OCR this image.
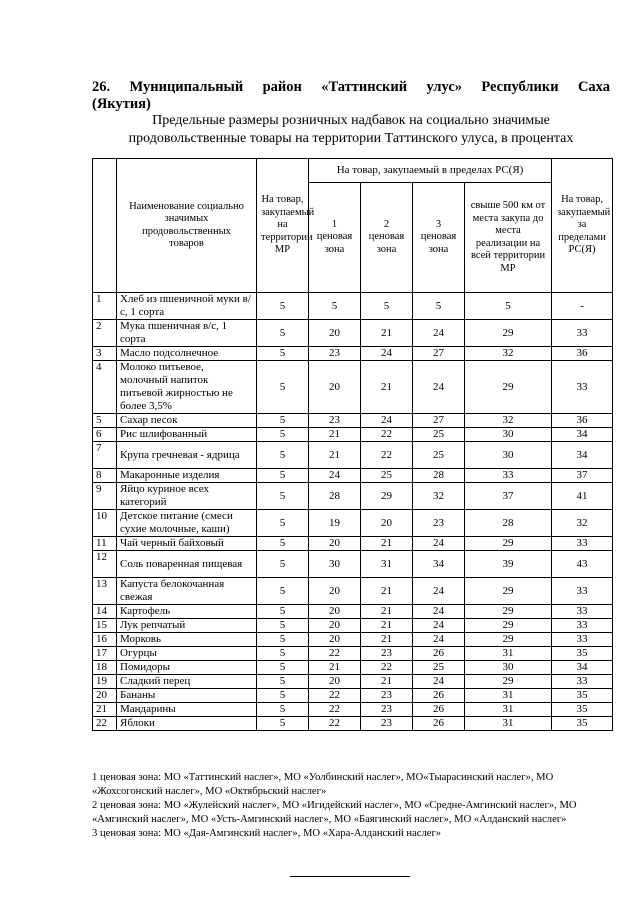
26. Муниципальный район «Таттинский улус» Республики Саха
(Якутия)
Предельные размеры розничных надбавок на социально значимые
продовольственные товары на территории Таттинского улуса, в процентах
	Наименование социально значимых продовольственных товаров	На товар, закупаемый на территории МР	На товар, закупаемый в пределах РС(Я)				На товар, закупаемый за пределами РС(Я)
			1 ценовая зона	2 ценовая зона	3 ценовая зона	свыше 500 км от места закупа до места реализации на всей территории МР	
1	Хлеб из пшеничной муки в/с, 1 сорта	5	5	5	5	5	-
2	Мука пшеничная в/с, 1 сорта	5	20	21	24	29	33
3	Масло подсолнечное	5	23	24	27	32	36
4	Молоко питьевое, молочный напиток питьевой жирностью не более 3,5%	5	20	21	24	29	33
5	Сахар песок	5	23	24	27	32	36
6	Рис шлифованный	5	21	22	25	30	34
7	Крупа гречневая - ядрица	5	21	22	25	30	34
8	Макаронные изделия	5	24	25	28	33	37
9	Яйцо куриное всех категорий	5	28	29	32	37	41
10	Детское питание (смеси сухие молочные, каши)	5	19	20	23	28	32
11	Чай черный байховый	5	20	21	24	29	33
12	Соль поваренная пищевая	5	30	31	34	39	43
13	Капуста белокочанная свежая	5	20	21	24	29	33
14	Картофель	5	20	21	24	29	33
15	Лук репчатый	5	20	21	24	29	33
16	Морковь	5	20	21	24	29	33
17	Огурцы	5	22	23	26	31	35
18	Помидоры	5	21	22	25	30	34
19	Сладкий перец	5	20	21	24	29	33
20	Бананы	5	22	23	26	31	35
21	Мандарины	5	22	23	26	31	35
22	Яблоки	5	22	23	26	31	35

1 ценовая зона: МО «Таттинский наслег», МО «Уолбинский наслег», МО«Тыарасинский наслег», МО «Жохсогонский наслег», МО «Октябрьский наслег»

2 ценовая зона: МО «Жулейский наслег», МО «Игидейский наслег», МО «Средне-Амгинский наслег», МО «Амгинский наслег», МО «Усть-Амгинский наслег», МО «Баягинский наслег», МО «Алданский наслег»

3 ценовая зона: МО «Дая-Амгинский наслег», МО «Хара-Алданский наслег»
